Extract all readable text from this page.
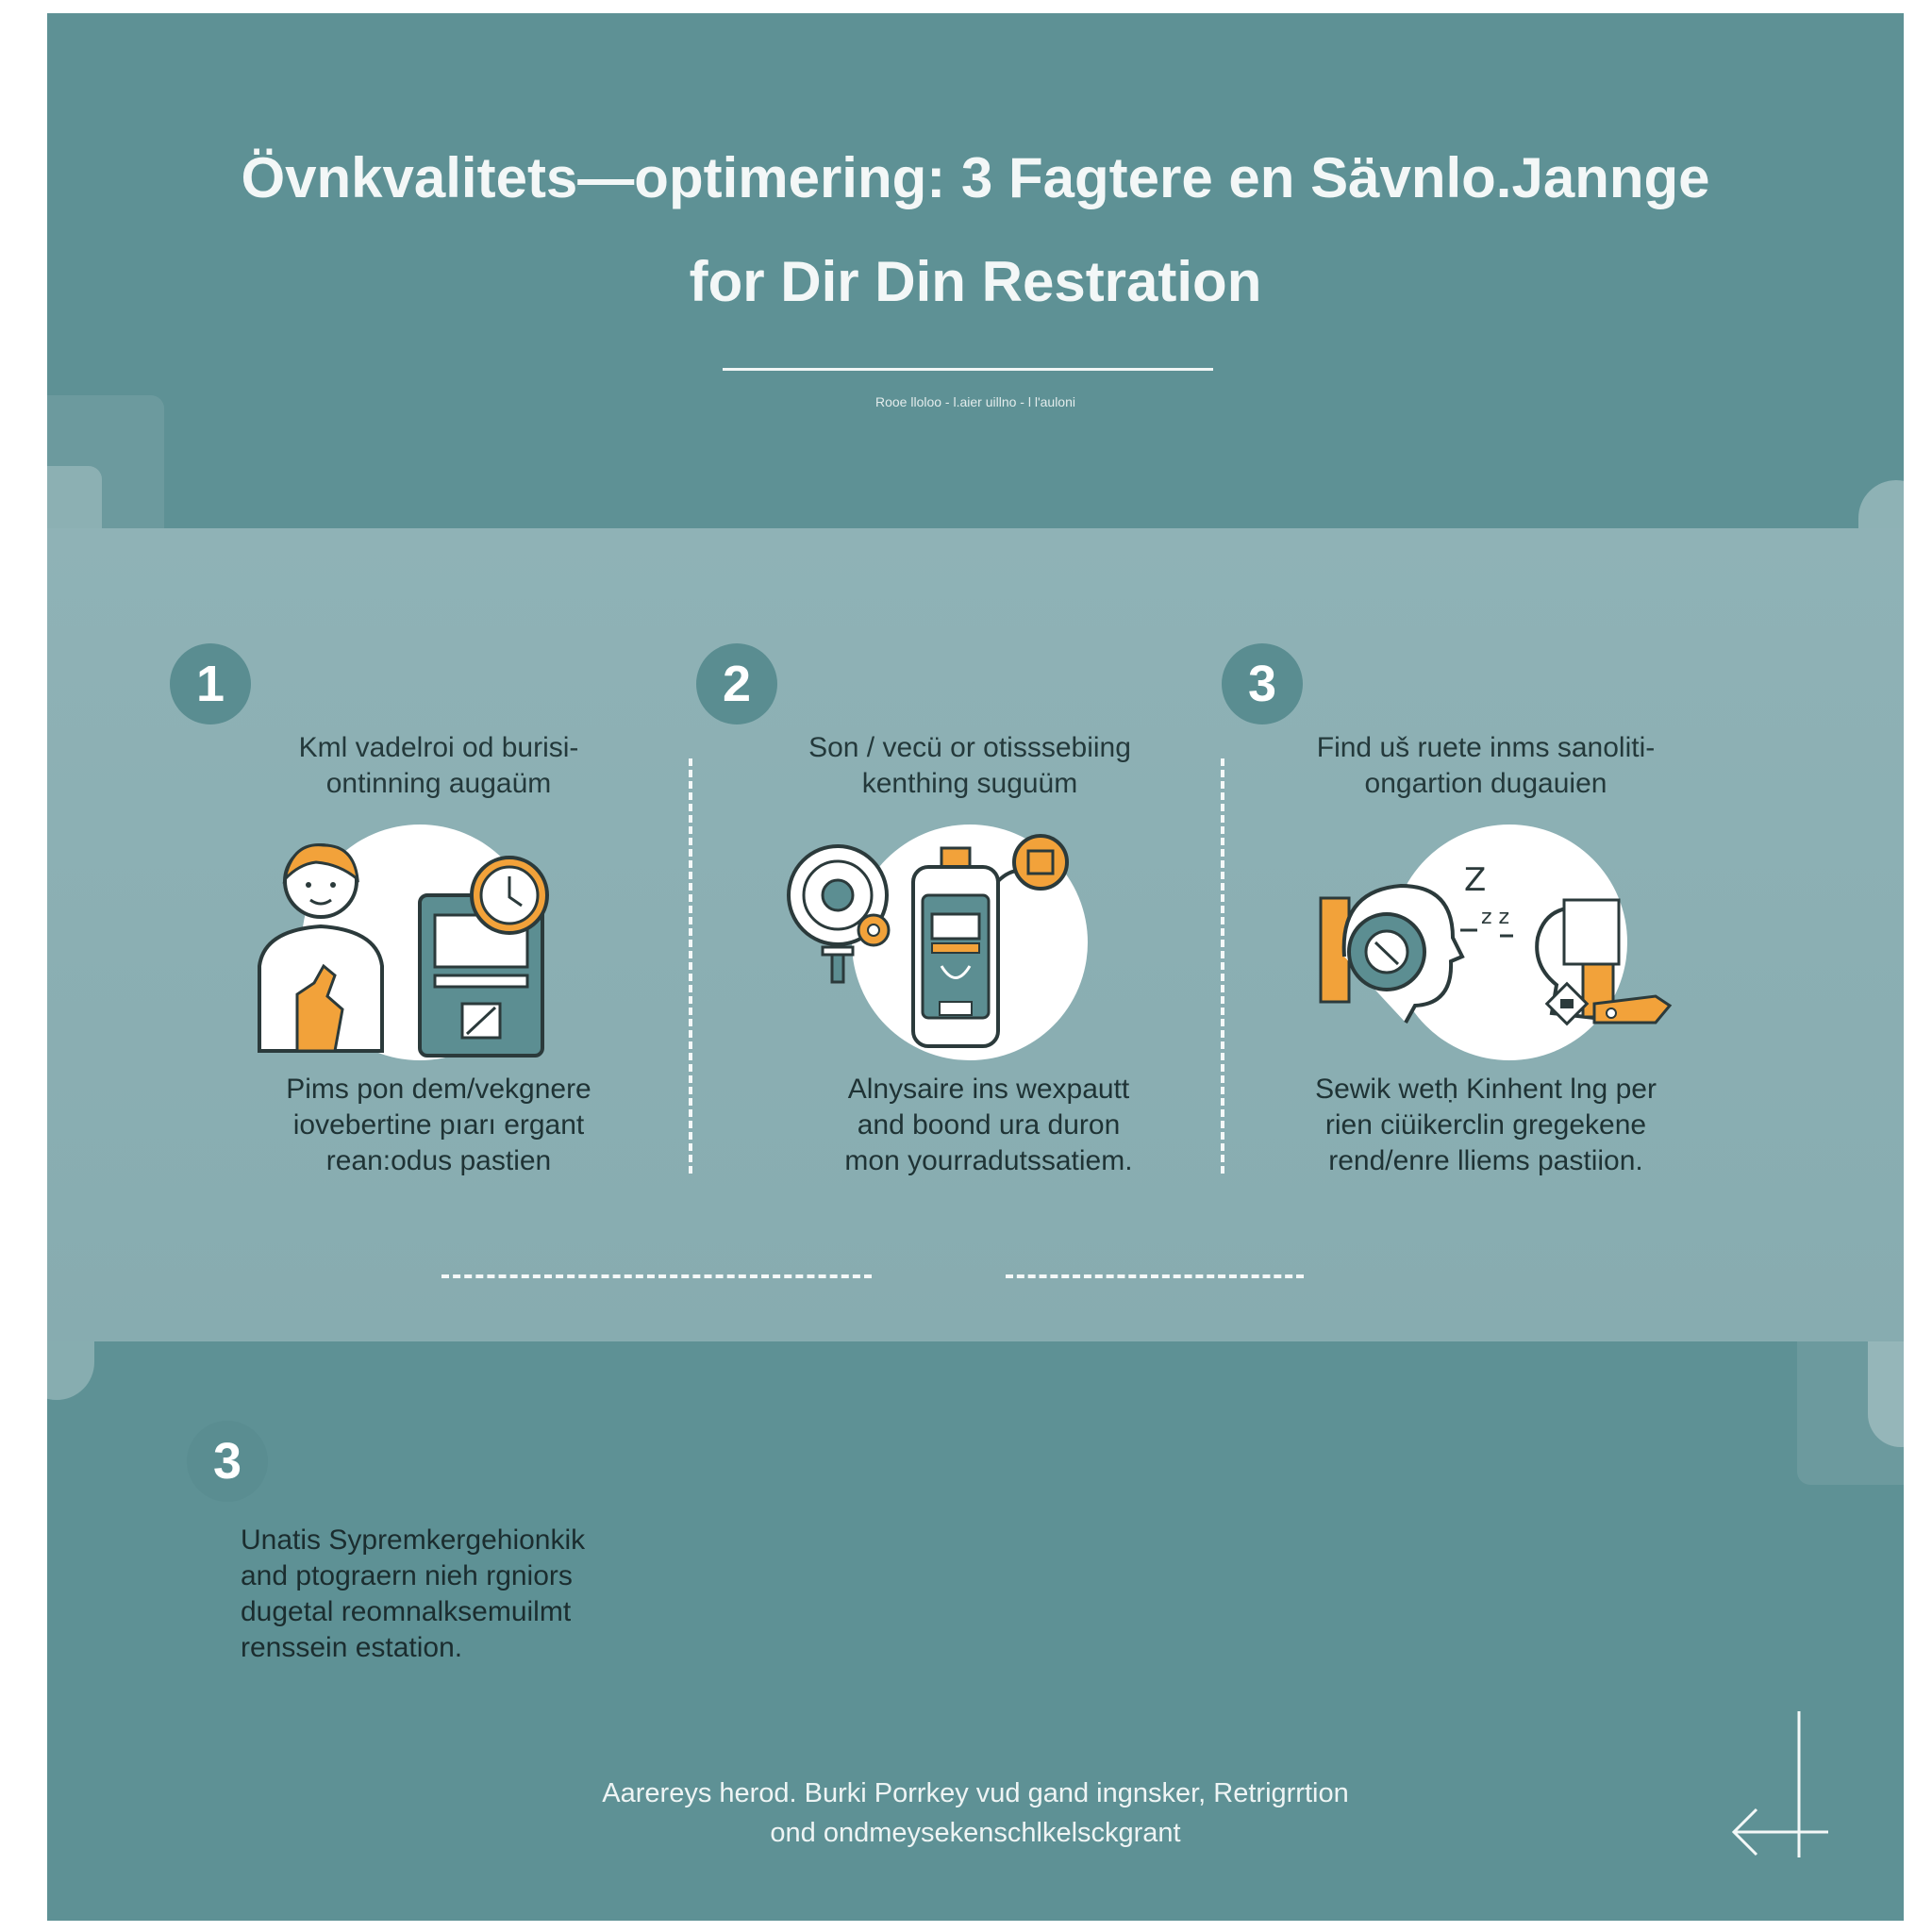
Övnkvalitets—optimering: 3 Fagtere en Sävnlo.Jannge
for Dir Din Restration
Rooe lloloo - l.aier uillno - l l'auloni
1
Kml vadelroi od burisi-
ontinning augaüm
Pims pon dem/vekgnere
iovebertine pıarı ergant
rean:odus pastien
2
Son / vecü or otisssebiing
kenthing suguüm
Alnysaire ins wexpautt
and boond ura duron
mon yourradutssatiem.
3
Find uš ruete inms sanoliti-
ongartion dugauien
Z
z z
Sewik wetḥ Kinhent lng per
rien ciüikerclin gregekene
rend/enre lliems pastiion.
3
Unatis Sypremkergehionkik
and ptograern nieh rgniors
dugetal reomnalksemuilmt
renssein estation.
Aarereys herod. Burki Porrkey vud gand ingnsker, Retrigrrtion
ond ondmeysekenschlkelsckgrant
